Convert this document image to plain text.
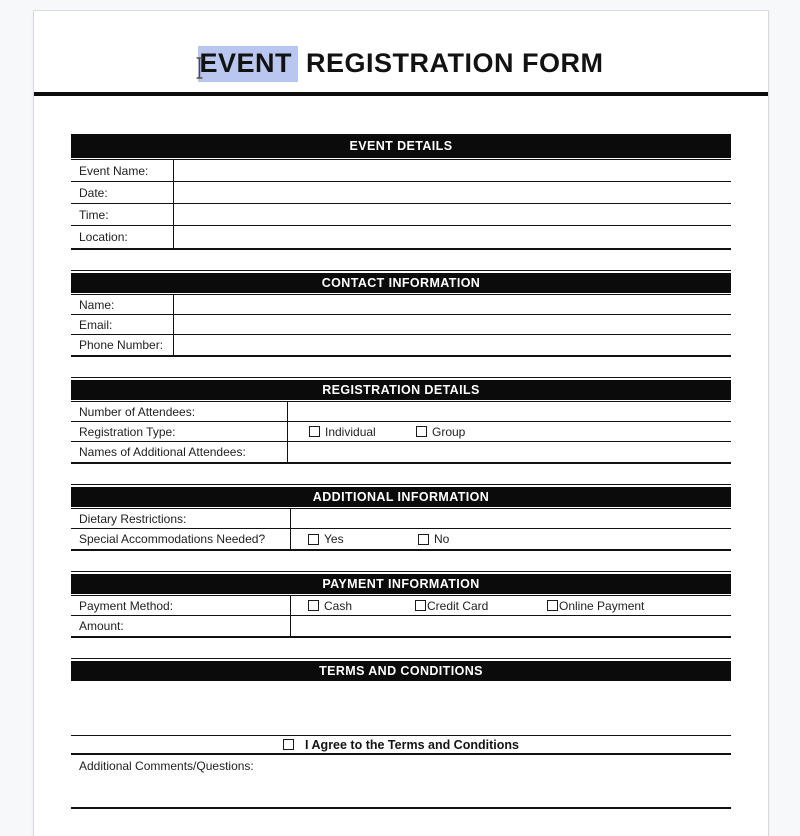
EVENT REGISTRATION FORM
EVENT DETAILS
Event Name:
Date:
Time:
Location:
CONTACT INFORMATION
Name:
Email:
Phone Number:
REGISTRATION DETAILS
Number of Attendees:
Registration Type:	Individual	Group
Names of Additional Attendees:
ADDITIONAL INFORMATION
Dietary Restrictions:
Special Accommodations Needed?	Yes	No
PAYMENT INFORMATION
Payment Method:	Cash	Credit Card	Online Payment
Amount:
TERMS AND CONDITIONS
I Agree to the Terms and Conditions
Additional Comments/Questions:
